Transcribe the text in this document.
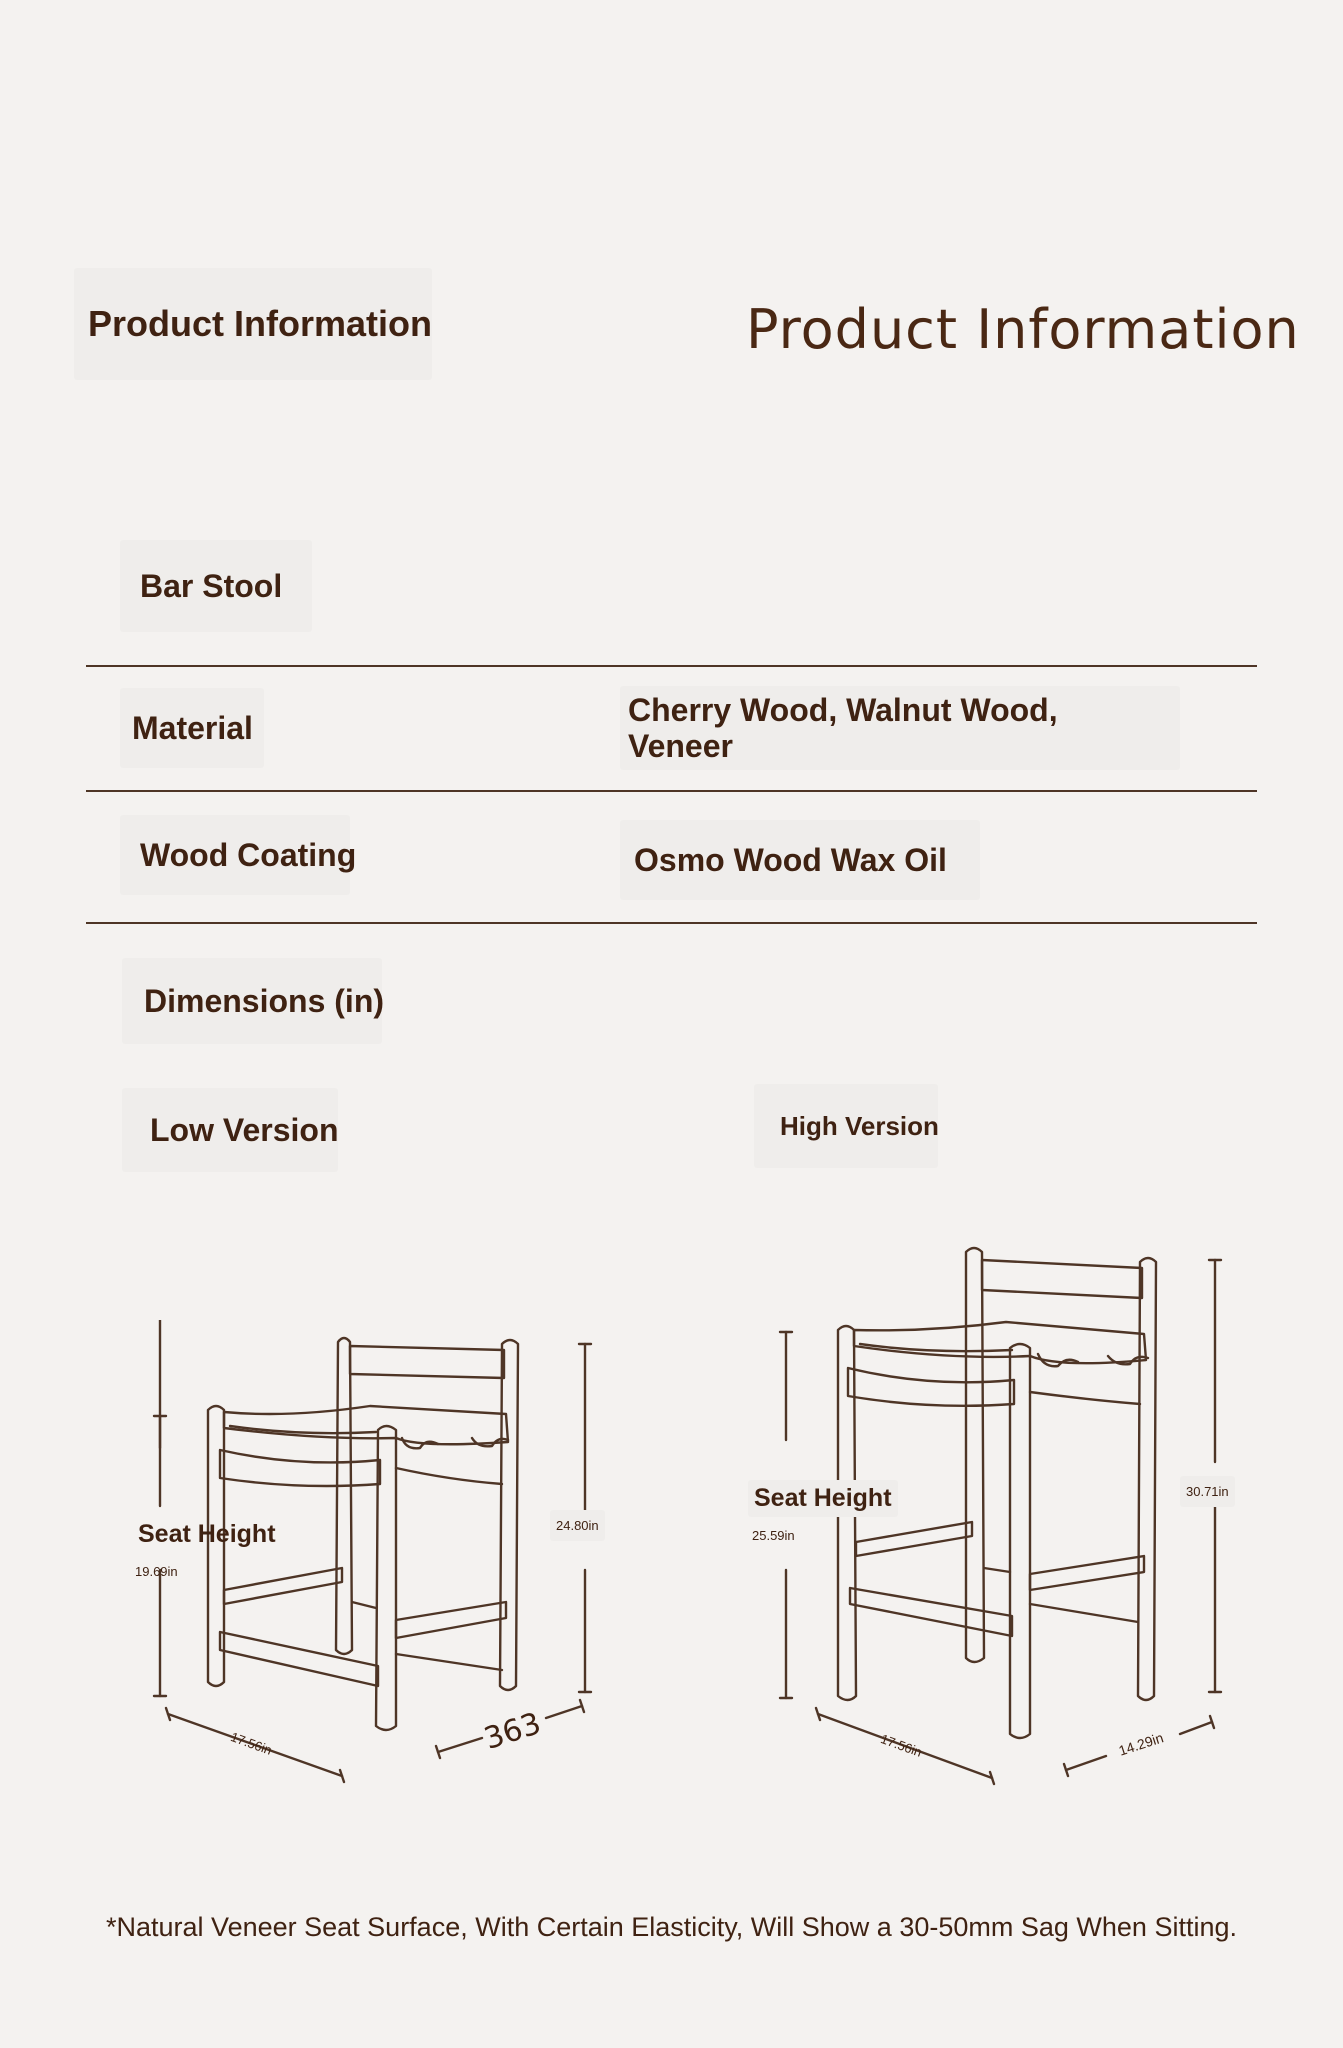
Product Information	Product Information
Bar Stool
Material	Cherry Wood, Walnut Wood, Veneer
Wood Coating	Osmo Wood Wax Oil
Dimensions (in)
Low Version	High Version
Seat Height
19.69in
24.80in
17.56in	363
Seat Height
25.59in
30.71in
17.56in	14.29in
*Natural Veneer Seat Surface, With Certain Elasticity, Will Show a 30-50mm Sag When Sitting.
